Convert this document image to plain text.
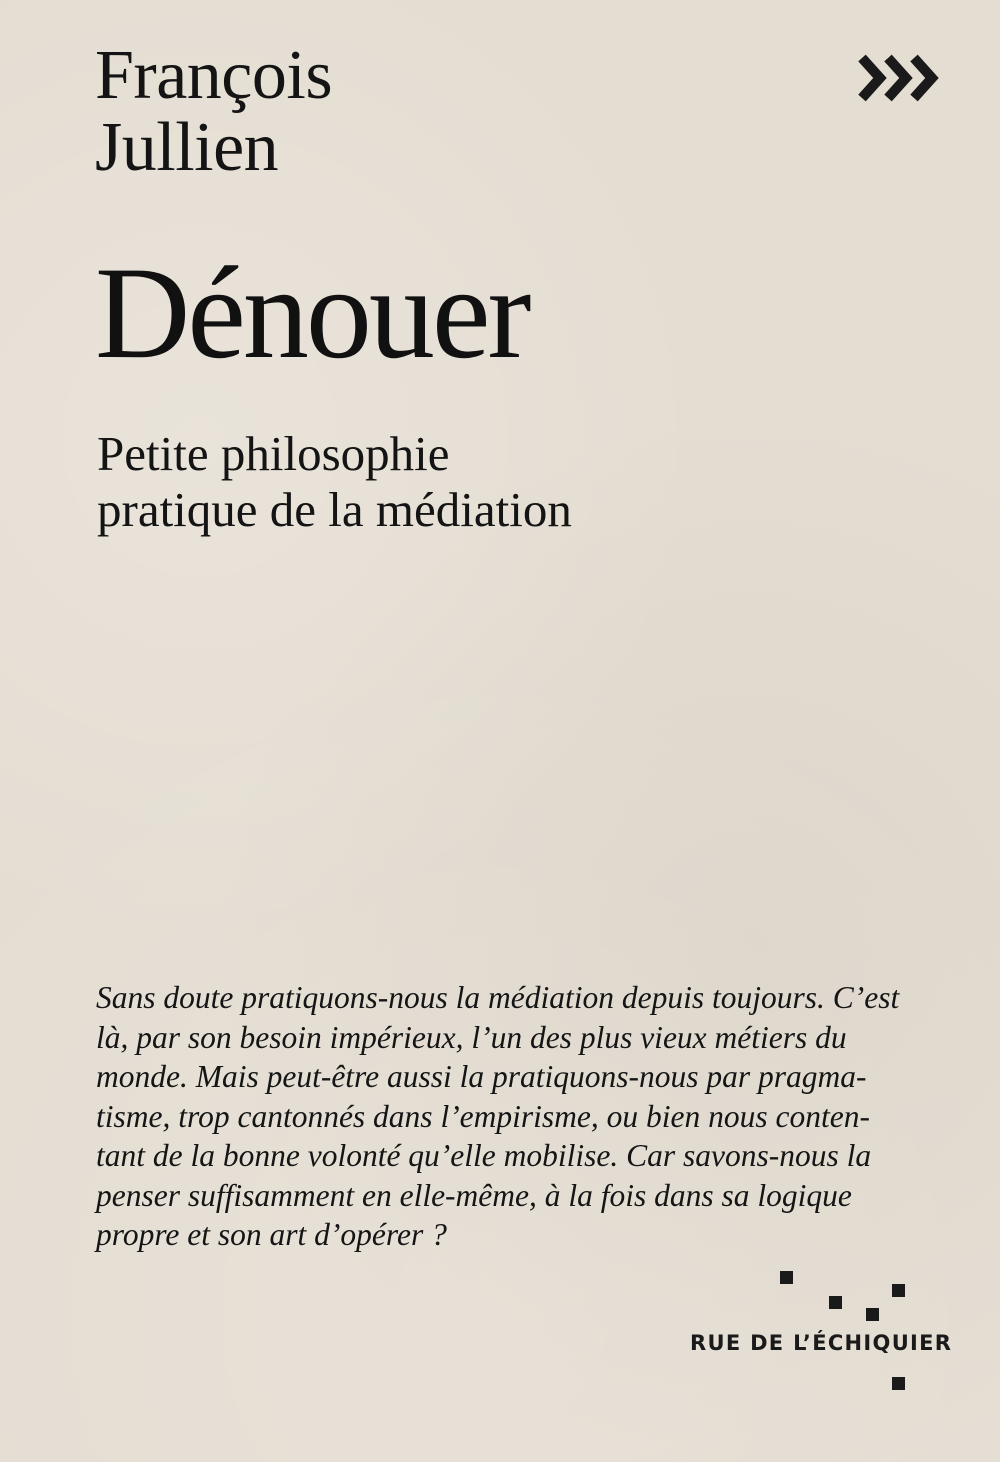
François
Jullien
Dénouer
Petite philosophie
pratique de la médiation

Sans doute pratiquons-nous la médiation depuis toujours. C’est
là, par son besoin impérieux, l’un des plus vieux métiers du
monde. Mais peut-être aussi la pratiquons-nous par pragma-
tisme, trop cantonnés dans l’empirisme, ou bien nous conten-
tant de la bonne volonté qu’elle mobilise. Car savons-nous la
penser suffisamment en elle-même, à la fois dans sa logique
propre et son art d’opérer ?

RUE DE L’ÉCHIQUIER
